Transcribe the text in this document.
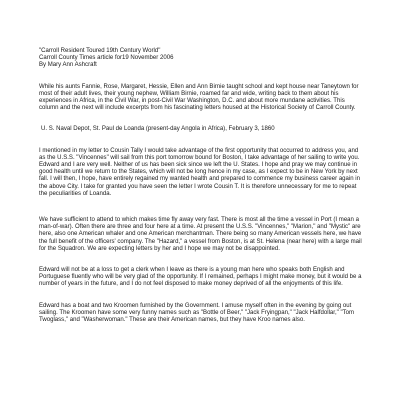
"Carroll Resident Toured 19th Century World"

Carroll County Times article for19 November 2006

By Mary Ann Ashcraft

While his aunts Fannie, Rose, Margaret, Hessie, Ellen and Ann Birnie taught school and kept house near Taneytown for most of their adult lives, their young nephew, William Birnie, roamed far and wide, writing back to them about his experiences in Africa, in the Civil War, in post-Civil War Washington, D.C. and about more mundane activities. This column and the next will include excerpts from his fascinating letters housed at the Historical Society of Carroll County.

U. S. Naval Depot, St. Paul de Loanda (present-day Angola in Africa), February 3, 1860

I mentioned in my letter to Cousin Tally I would take advantage of the first opportunity that occurred to address you, and as the U.S.S. "Vincennes" will sail from this port tomorrow bound for Boston, I take advantage of her sailing to write you. Edward and I are very well. Neither of us has been sick since we left the U. States. I hope and pray we may continue in good health until we return to the States, which will not be long hence in my case, as I expect to be in New York by next fall. I will then, I hope, have entirely regained my wanted health and prepared to commence my business career again in the above City. I take for granted you have seen the letter I wrote Cousin T. It is therefore unnecessary for me to repeat the peculiarities of Loanda.

We have sufficient to attend to which makes time fly away very fast. There is most all the time a vessel in Port (I mean a man-of-war). Often there are three and four here at a time. At present the U.S.S. "Vincennes," "Marion," and "Mystic" are here, also one American whaler and one American merchantman. There being so many American vessels here, we have the full benefit of the officers' company. The "Hazard," a vessel from Boston, is at St. Helena (near here) with a large mail for the Squadron. We are expecting letters by her and I hope we may not be disappointed.

Edward will not be at a loss to get a clerk when I leave as there is a young man here who speaks both English and Portuguese fluently who will be very glad of the opportunity. If I remained, perhaps I might make money, but it would be a number of years in the future, and I do not feel disposed to make money deprived of all the enjoyments of this life.

Edward has a boat and two Kroomen furnished by the Government. I amuse myself often in the evening by going out sailing. The Kroomen have some very funny names such as "Bottle of Beer," "Jack Fryingpan," "Jack Halfdollar," "Tom Twoglass," and "Washerwoman." These are their American names, but they have Kroo names also.
